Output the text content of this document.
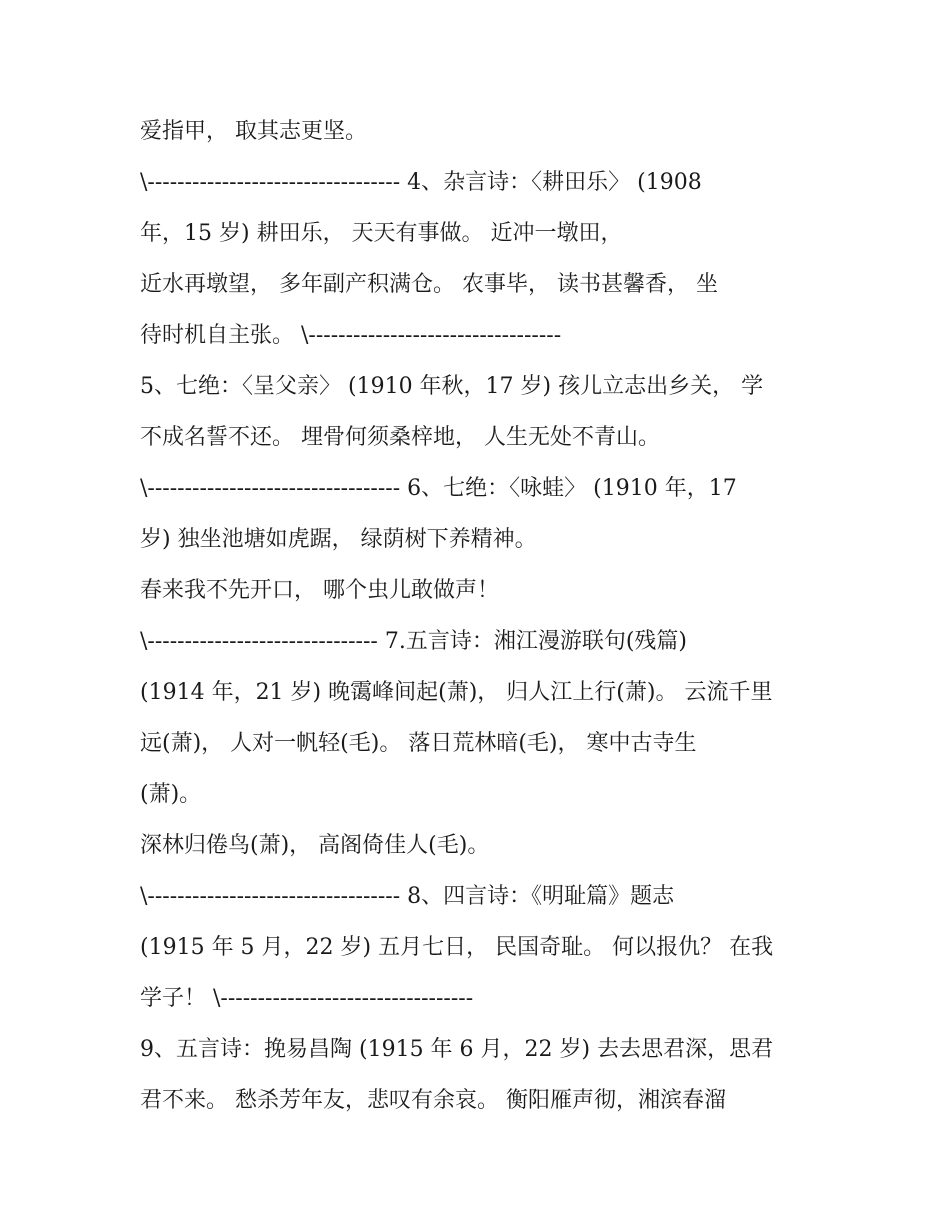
爱指甲， 取其志更坚。
\---------------------------------- 4、杂言诗：〈耕田乐〉 (1908
年，15 岁) 耕田乐， 天天有事做。 近冲一墩田，
近水再墩望， 多年副产积满仓。 农事毕， 读书甚馨香， 坐
待时机自主张。 \----------------------------------
5、七绝：〈呈父亲〉 (1910 年秋，17 岁) 孩儿立志出乡关， 学
不成名誓不还。 埋骨何须桑梓地， 人生无处不青山。
\---------------------------------- 6、七绝：〈咏蛙〉 (1910 年，17
岁) 独坐池塘如虎踞， 绿荫树下养精神。
春来我不先开口， 哪个虫儿敢做声！
\------------------------------- 7.五言诗：湘江漫游联句(残篇)
(1914 年，21 岁) 晚霭峰间起(萧)， 归人江上行(萧)。 云流千里
远(萧)， 人对一帆轻(毛)。 落日荒林暗(毛)， 寒中古寺生
(萧)。
深林归倦鸟(萧)， 高阁倚佳人(毛)。
\---------------------------------- 8、四言诗：《明耻篇》题志
(1915 年 5 月，22 岁) 五月七日， 民国奇耻。 何以报仇？ 在我
学子！ \----------------------------------
9、五言诗：挽易昌陶 (1915 年 6 月，22 岁) 去去思君深，思君
君不来。 愁杀芳年友，悲叹有余哀。 衡阳雁声彻，湘滨春溜
